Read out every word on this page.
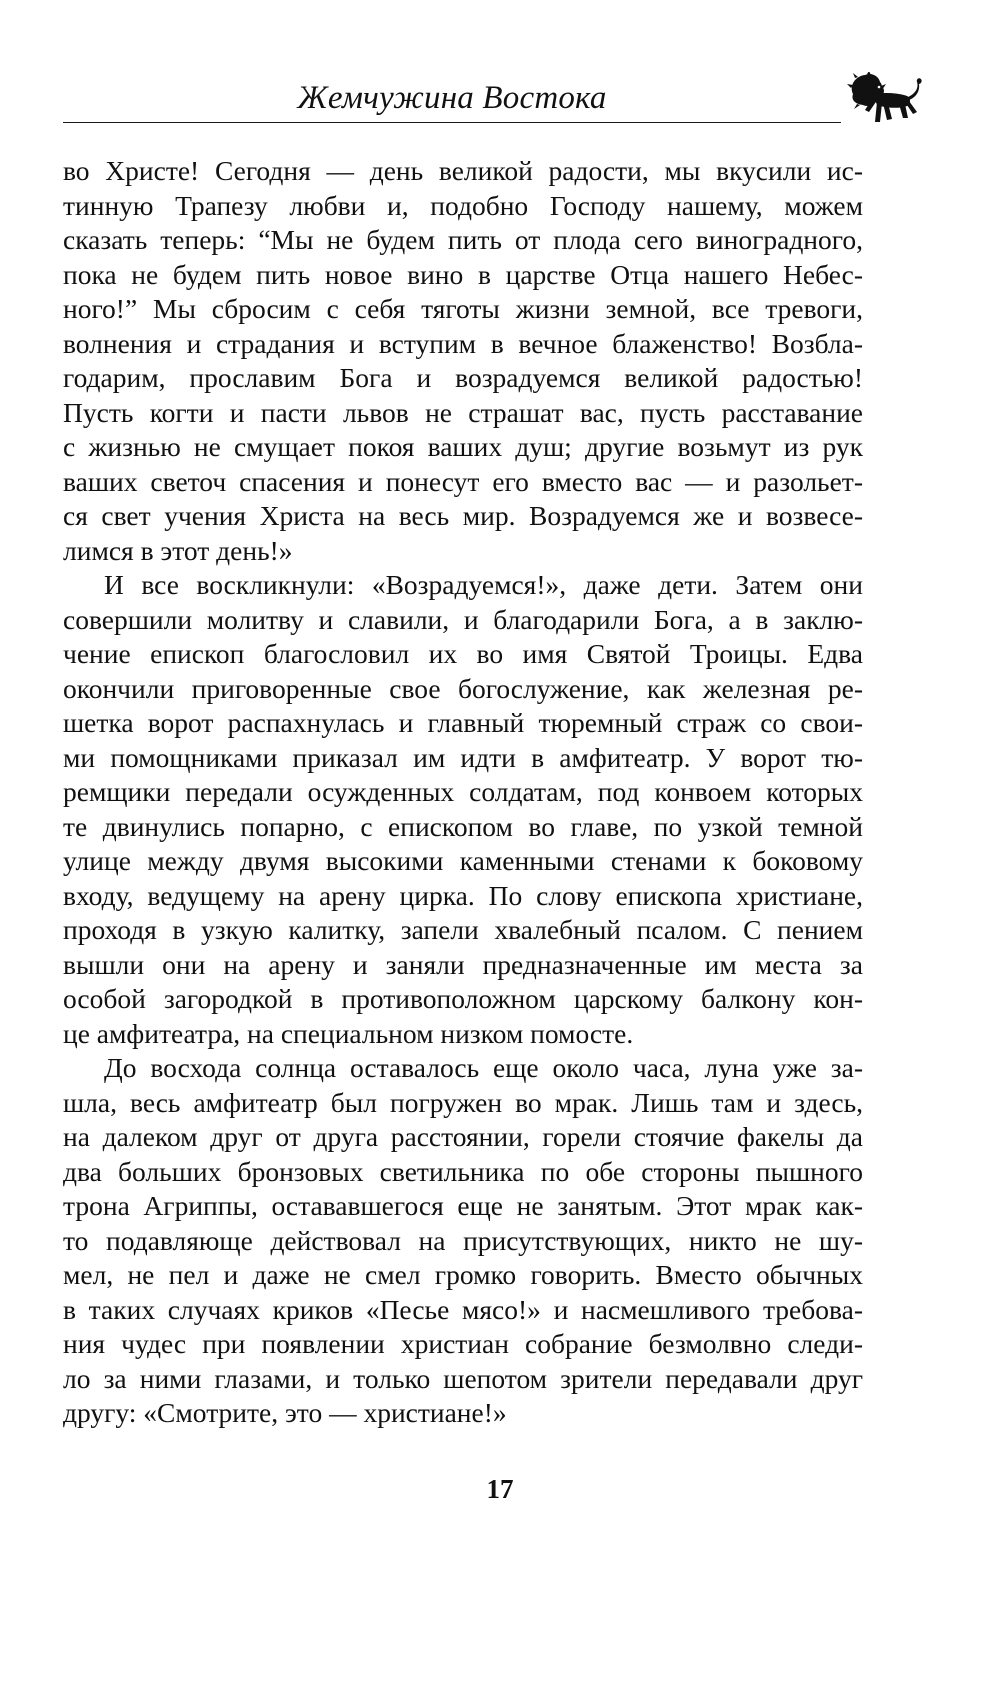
Жемчужина Востока
во Христе! Сегодня — день великой радости, мы вкусили ис-
тинную Трапезу любви и, подобно Господу нашему, можем
сказать теперь: “Мы не будем пить от плода сего виноградного,
пока не будем пить новое вино в царстве Отца нашего Небес-
ного!” Мы сбросим с себя тяготы жизни земной, все тревоги,
волнения и страдания и вступим в вечное блаженство! Возбла-
годарим, прославим Бога и возрадуемся великой радостью!
Пусть когти и пасти львов не страшат вас, пусть расставание
с жизнью не смущает покоя ваших душ; другие возьмут из рук
ваших светоч спасения и понесут его вместо вас — и разольет-
ся свет учения Христа на весь мир. Возрадуемся же и возвесе-
лимся в этот день!»
И все воскликнули: «Возрадуемся!», даже дети. Затем они
совершили молитву и славили, и благодарили Бога, а в заклю-
чение епископ благословил их во имя Святой Троицы. Едва
окончили приговоренные свое богослужение, как железная ре-
шетка ворот распахнулась и главный тюремный страж со свои-
ми помощниками приказал им идти в амфитеатр. У ворот тю-
ремщики передали осужденных солдатам, под конвоем которых
те двинулись попарно, с епископом во главе, по узкой темной
улице между двумя высокими каменными стенами к боковому
входу, ведущему на арену цирка. По слову епископа христиане,
проходя в узкую калитку, запели хвалебный псалом. С пением
вышли они на арену и заняли предназначенные им места за
особой загородкой в противоположном царскому балкону кон-
це амфитеатра, на специальном низком помосте.
До восхода солнца оставалось еще около часа, луна уже за-
шла, весь амфитеатр был погружен во мрак. Лишь там и здесь,
на далеком друг от друга расстоянии, горели стоячие факелы да
два больших бронзовых светильника по обе стороны пышного
трона Агриппы, остававшегося еще не занятым. Этот мрак как-
то подавляюще действовал на присутствующих, никто не шу-
мел, не пел и даже не смел громко говорить. Вместо обычных
в таких случаях криков «Песье мясо!» и насмешливого требова-
ния чудес при появлении христиан собрание безмолвно следи-
ло за ними глазами, и только шепотом зрители передавали друг
другу: «Смотрите, это — христиане!»
17
